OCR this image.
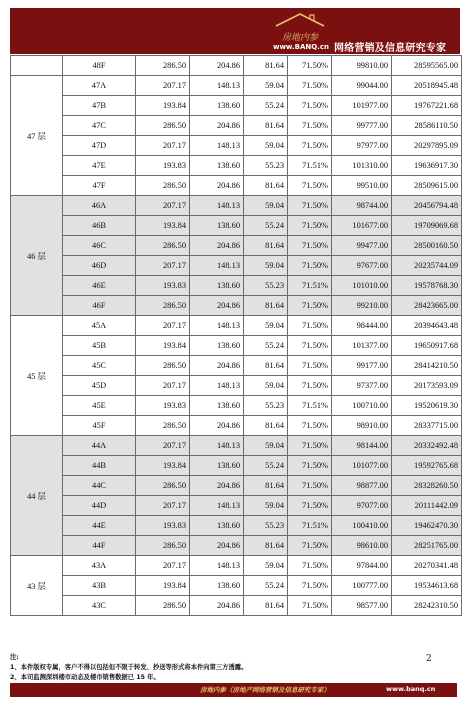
房地内参
www.BANQ.cn 网络营销及信息研究专家
	48F	286.50	204.86	81.64	71.50%	99810.00	28595565.00
47 层	47A	207.17	148.13	59.04	71.50%	99044.00	20518945.48
	47B	193.84	138.60	55.24	71.50%	101977.00	19767221.68
	47C	286.50	204.86	81.64	71.50%	99777.00	28586110.50
	47D	207.17	148.13	59.04	71.50%	97977.00	20297895.09
	47E	193.83	138.60	55.23	71.51%	101310.00	19636917.30
	47F	286.50	204.86	81.64	71.50%	99510.00	28509615.00
46 层	46A	207.17	148.13	59.04	71.50%	98744.00	20456794.48
	46B	193.84	138.60	55.24	71.50%	101677.00	19709069.68
	46C	286.50	204.86	81.64	71.50%	99477.00	28500160.50
	46D	207.17	148.13	59.04	71.50%	97677.00	20235744.09
	46E	193.83	138.60	55.23	71.51%	101010.00	19578768.30
	46F	286.50	204.86	81.64	71.50%	99210.00	28423665.00
45 层	45A	207.17	148.13	59.04	71.50%	98444.00	20394643.48
	45B	193.84	138.60	55.24	71.50%	101377.00	19650917.68
	45C	286.50	204.86	81.64	71.50%	99177.00	28414210.50
	45D	207.17	148.13	59.04	71.50%	97377.00	20173593.09
	45E	193.83	138.60	55.23	71.51%	100710.00	19520619.30
	45F	286.50	204.86	81.64	71.50%	98910.00	28337715.00
44 层	44A	207.17	148.13	59.04	71.50%	98144.00	20332492.48
	44B	193.84	138.60	55.24	71.50%	101077.00	19592765.68
	44C	286.50	204.86	81.64	71.50%	98877.00	28328260.50
	44D	207.17	148.13	59.04	71.50%	97077.00	20111442.09
	44E	193.83	138.60	55.23	71.51%	100410.00	19462470.30
	44F	286.50	204.86	81.64	71.50%	98610.00	28251765.00
43 层	43A	207.17	148.13	59.04	71.50%	97844.00	20270341.48
	43B	193.84	138.60	55.24	71.50%	100777.00	19534613.68
	43C	286.50	204.86	81.64	71.50%	98577.00	28242310.50
注:
1、本件版权专属，客户不得以包括但不限于转发、抄送等形式将本件向第三方透露。
2、本司监测深圳楼市动态及楼市销售数据已 15 年。
2
房地内参（房地产网络营销及信息研究专家）	www.banq.cn
